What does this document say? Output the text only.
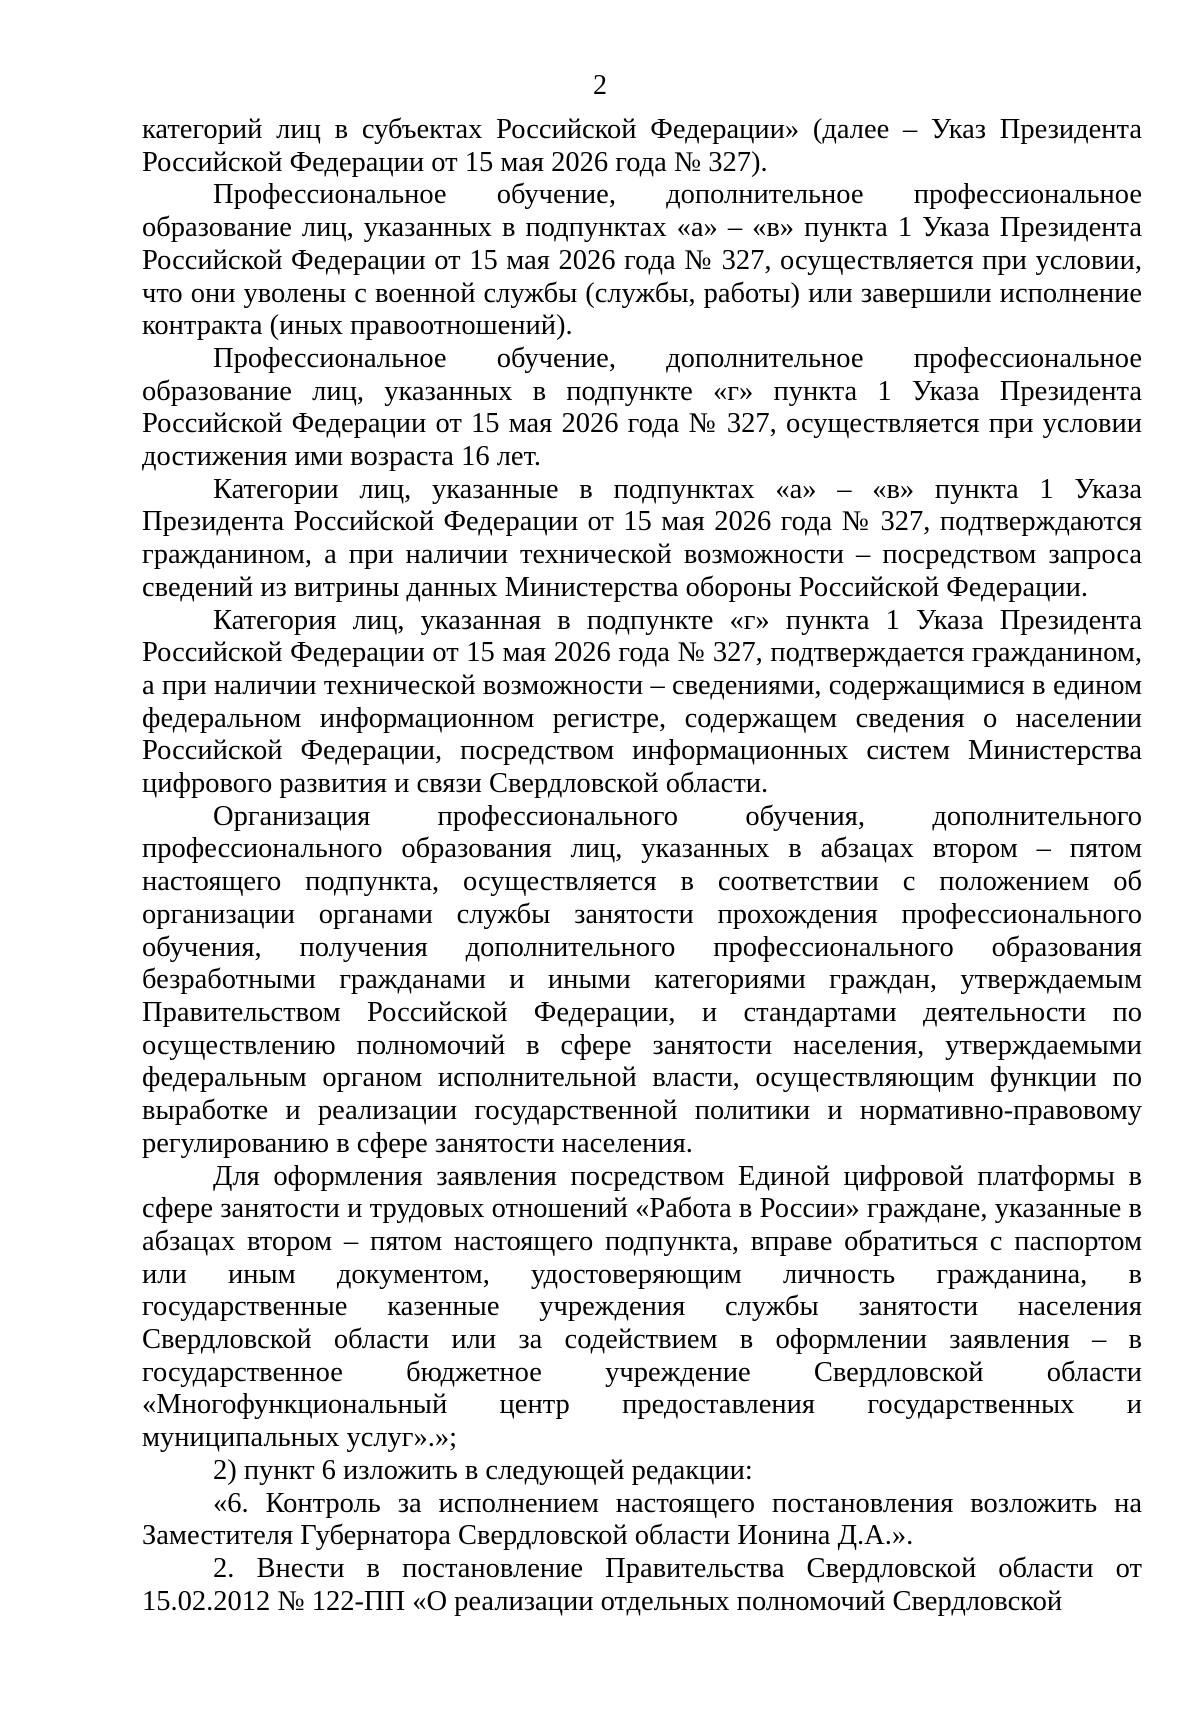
2

категорий лиц в субъектах Российской Федерации» (далее – Указ Президента Российской Федерации от 15 мая 2026 года № 327).

Профессиональное обучение, дополнительное профессиональное образование лиц, указанных в подпунктах «а» – «в» пункта 1 Указа Президента Российской Федерации от 15 мая 2026 года № 327, осуществляется при условии, что они уволены с военной службы (службы, работы) или завершили исполнение контракта (иных правоотношений).

Профессиональное обучение, дополнительное профессиональное образование лиц, указанных в подпункте «г» пункта 1 Указа Президента Российской Федерации от 15 мая 2026 года № 327, осуществляется при условии достижения ими возраста 16 лет.

Категории лиц, указанные в подпунктах «а» – «в» пункта 1 Указа Президента Российской Федерации от 15 мая 2026 года № 327, подтверждаются гражданином, а при наличии технической возможности – посредством запроса сведений из витрины данных Министерства обороны Российской Федерации.

Категория лиц, указанная в подпункте «г» пункта 1 Указа Президента Российской Федерации от 15 мая 2026 года № 327, подтверждается гражданином, а при наличии технической возможности – сведениями, содержащимися в едином федеральном информационном регистре, содержащем сведения о населении Российской Федерации, посредством информационных систем Министерства цифрового развития и связи Свердловской области.

Организация профессионального обучения, дополнительного профессионального образования лиц, указанных в абзацах втором – пятом настоящего подпункта, осуществляется в соответствии с положением об организации органами службы занятости прохождения профессионального обучения, получения дополнительного профессионального образования безработными гражданами и иными категориями граждан, утверждаемым Правительством Российской Федерации, и стандартами деятельности по осуществлению полномочий в сфере занятости населения, утверждаемыми федеральным органом исполнительной власти, осуществляющим функции по выработке и реализации государственной политики и нормативно-правовому регулированию в сфере занятости населения.

Для оформления заявления посредством Единой цифровой платформы в сфере занятости и трудовых отношений «Работа в России» граждане, указанные в абзацах втором – пятом настоящего подпункта, вправе обратиться с паспортом или иным документом, удостоверяющим личность гражданина, в государственные казенные учреждения службы занятости населения Свердловской области или за содействием в оформлении заявления – в государственное бюджетное учреждение Свердловской области «Многофункциональный центр предоставления государственных и муниципальных услуг».»;

2) пункт 6 изложить в следующей редакции:

«6. Контроль за исполнением настоящего постановления возложить на Заместителя Губернатора Свердловской области Ионина Д.А.».

2. Внести в постановление Правительства Свердловской области от 15.02.2012 № 122-ПП «О реализации отдельных полномочий Свердловской
